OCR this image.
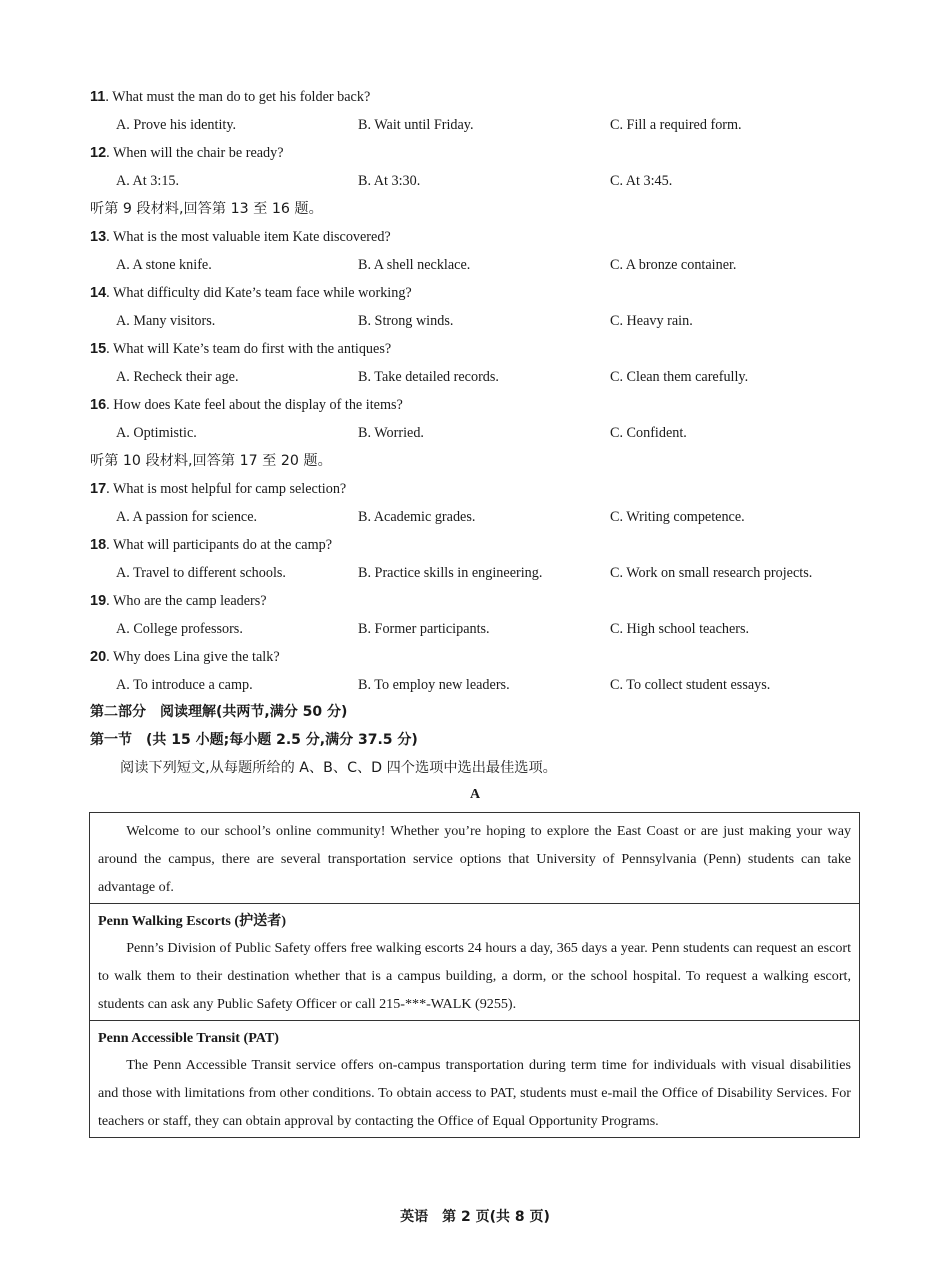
11. What must the man do to get his folder back?
A. Prove his identity.	B. Wait until Friday.	C. Fill a required form.
12. When will the chair be ready?
A. At 3:15.	B. At 3:30.	C. At 3:45.
听第 9 段材料,回答第 13 至 16 题。
13. What is the most valuable item Kate discovered?
A. A stone knife.	B. A shell necklace.	C. A bronze container.
14. What difficulty did Kate’s team face while working?
A. Many visitors.	B. Strong winds.	C. Heavy rain.
15. What will Kate’s team do first with the antiques?
A. Recheck their age.	B. Take detailed records.	C. Clean them carefully.
16. How does Kate feel about the display of the items?
A. Optimistic.	B. Worried.	C. Confident.
听第 10 段材料,回答第 17 至 20 题。
17. What is most helpful for camp selection?
A. A passion for science.	B. Academic grades.	C. Writing competence.
18. What will participants do at the camp?
A. Travel to different schools.	B. Practice skills in engineering.	C. Work on small research projects.
19. Who are the camp leaders?
A. College professors.	B. Former participants.	C. High school teachers.
20. Why does Lina give the talk?
A. To introduce a camp.	B. To employ new leaders.	C. To collect student essays.
第二部分　阅读理解(共两节,满分 50 分)
第一节　(共 15 小题;每小题 2.5 分,满分 37.5 分)
阅读下列短文,从每题所给的 A、B、C、D 四个选项中选出最佳选项。
A
Welcome to our school’s online community! Whether you’re hoping to explore the East Coast or are just making your way around the campus, there are several transportation service options that University of Pennsylvania (Penn) students can take advantage of.
Penn Walking Escorts (护送者)
Penn’s Division of Public Safety offers free walking escorts 24 hours a day, 365 days a year. Penn students can request an escort to walk them to their destination whether that is a campus building, a dorm, or the school hospital. To request a walking escort, students can ask any Public Safety Officer or call 215-***-WALK (9255).
Penn Accessible Transit (PAT)
The Penn Accessible Transit service offers on-campus transportation during term time for individuals with visual disabilities and those with limitations from other conditions. To obtain access to PAT, students must e-mail the Office of Disability Services. For teachers or staff, they can obtain approval by contacting the Office of Equal Opportunity Programs.
英语　第 2 页(共 8 页)
